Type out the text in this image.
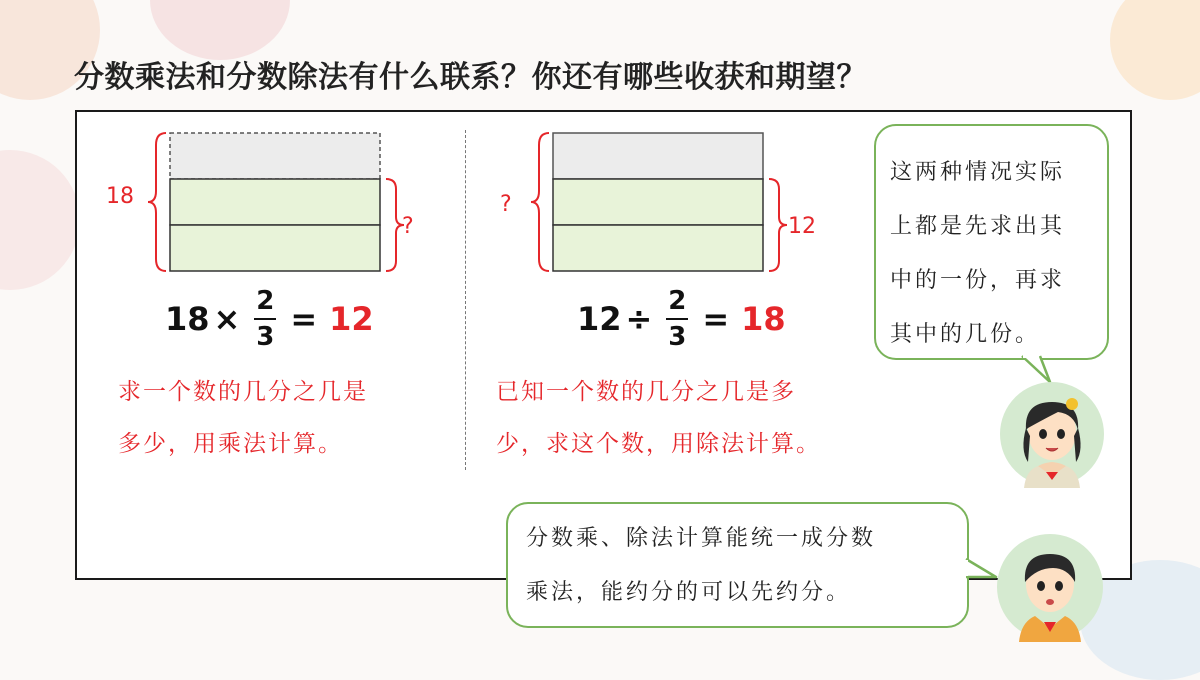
分数乘法和分数除法有什么联系？你还有哪些收获和期望？
18
?
$18 \times \frac{2}{3} = 12$

求一个数的几分之几是
多少，用乘法计算。

?
12
$12 \div \frac{2}{3} = 18$

已知一个数的几分之几是多
少，求这个数，用除法计算。

这两种情况实际
上都是先求出其
中的一份，再求
其中的几份。
分数乘、除法计算能统一成分数
乘法，能约分的可以先约分。
